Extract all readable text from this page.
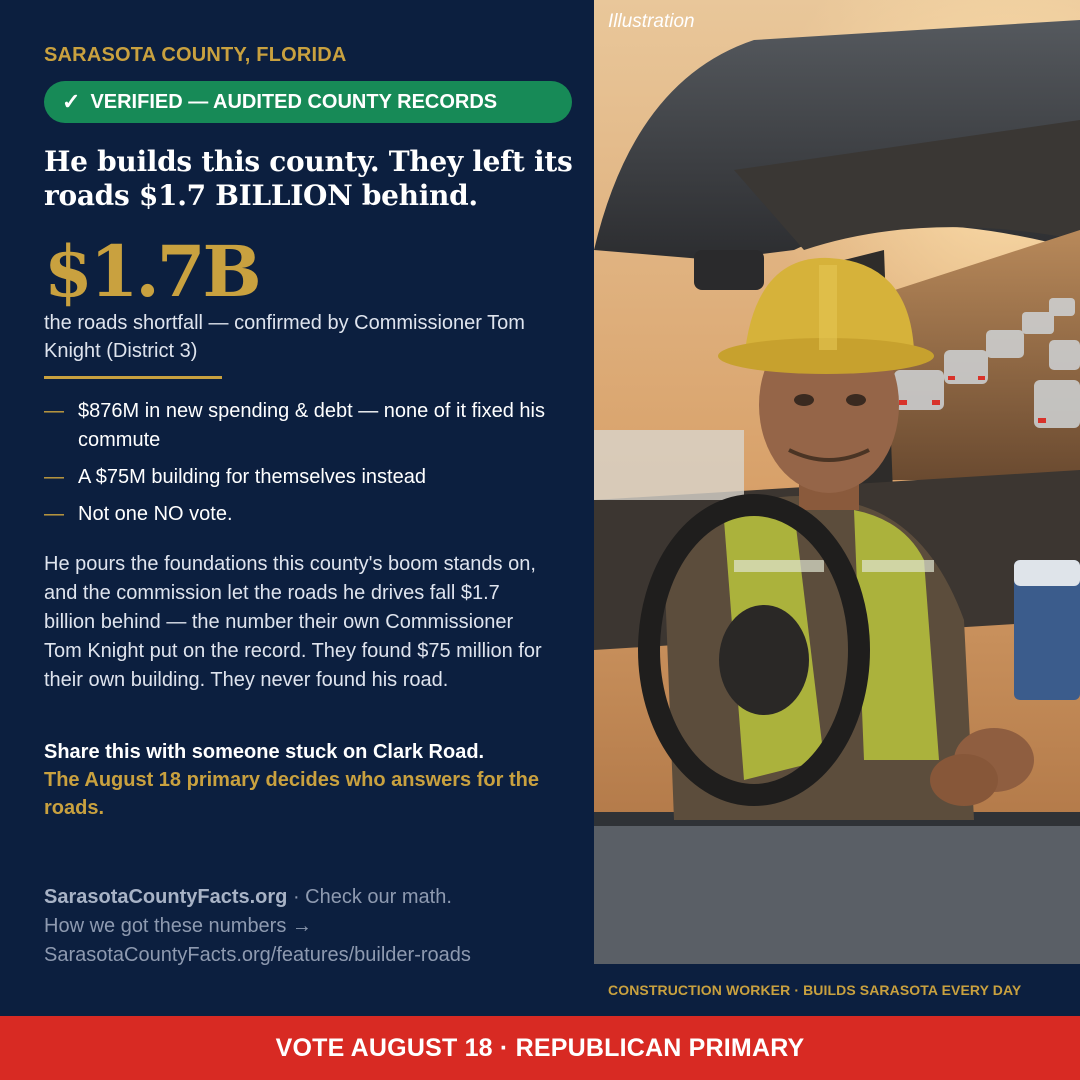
SARASOTA COUNTY, FLORIDA
✓ VERIFIED — AUDITED COUNTY RECORDS
He builds this county. They left its roads $1.7 BILLION behind.
$1.7B
the roads shortfall — confirmed by Commissioner Tom Knight (District 3)
— $876M in new spending & debt — none of it fixed his commute
— A $75M building for themselves instead
— Not one NO vote.

He pours the foundations this county's boom stands on, and the commission let the roads he drives fall $1.7 billion behind — the number their own Commissioner Tom Knight put on the record. They found $75 million for their own building. They never found his road.

Share this with someone stuck on Clark Road.
The August 18 primary decides who answers for the roads.
SarasotaCountyFacts.org · Check our math.
How we got these numbers →
SarasotaCountyFacts.org/features/builder-roads
Illustration
CONSTRUCTION WORKER · BUILDS SARASOTA EVERY DAY
VOTE AUGUST 18 · REPUBLICAN PRIMARY
